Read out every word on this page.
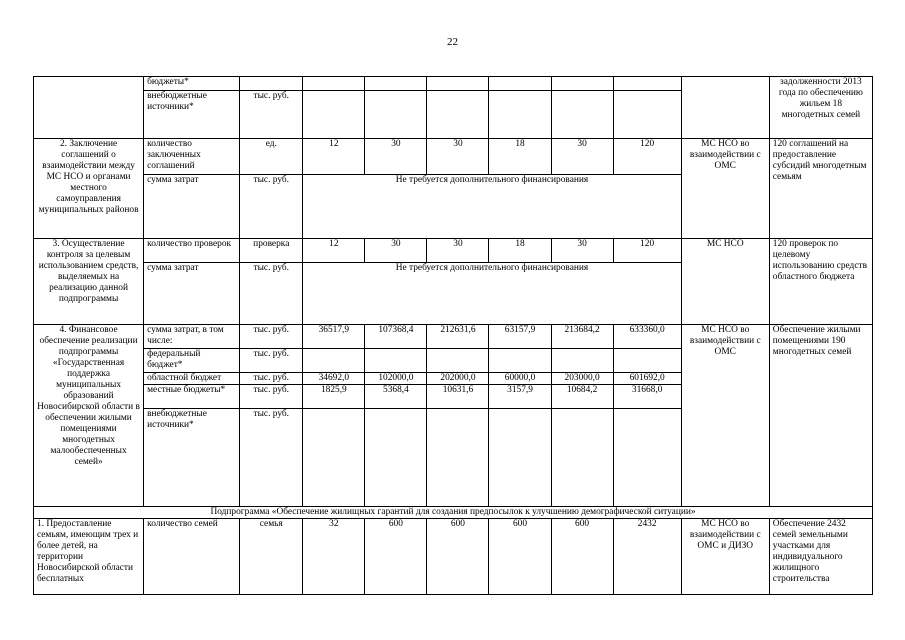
22
	бюджеты*									задолженности 2013 года по обеспечению жильем 18 многодетных семей
	внебюджетные источники*	тыс. руб.								
2. Заключение соглашений о взаимодействии между МС НСО и органами местного самоуправления муниципальных районов	количество заключенных соглашений	ед.	12	30	30	18	30	120	МС НСО во взаимодействии с ОМС	120 соглашений на предоставление субсидий многодетным семьям
	сумма затрат	тыс. руб.	Не требуется дополнительного финансирования							
3. Осуществление контроля за целевым использованием средств, выделяемых на реализацию данной подпрограммы	количество проверок	проверка	12	30	30	18	30	120	МС НСО	120 проверок по целевому использованию средств областного бюджета
	сумма затрат	тыс. руб.	Не требуется дополнительного финансирования							
4. Финансовое обеспечение реализации подпрограммы «Государственная поддержка муниципальных образований Новосибирской области в обеспечении жилыми помещениями многодетных малообеспеченных семей»	сумма затрат, в том числе:	тыс. руб.	36517,9	107368,4	212631,6	63157,9	213684,2	633360,0	МС НСО во взаимодействии с ОМС	Обеспечение жилыми помещениями 190 многодетных семей
	федеральный бюджет*	тыс. руб.								
	областной бюджет	тыс. руб.	34692,0	102000,0	202000,0	60000,0	203000,0	601692,0		
	местные бюджеты*	тыс. руб.	1825,9	5368,4	10631,6	3157,9	10684,2	31668,0		
	внебюджетные источники*	тыс. руб.								
Подпрограмма «Обеспечение жилищных гарантий для создания предпосылок к улучшению демографической ситуации»										
1. Предоставление семьям, имеющим трех и более детей, на территории Новосибирской области бесплатных	количество семей	семья	32	600	600	600	600	2432	МС НСО во взаимодействии с ОМС и ДИЗО	Обеспечение 2432 семей земельными участками для индивидуального жилищного строительства
